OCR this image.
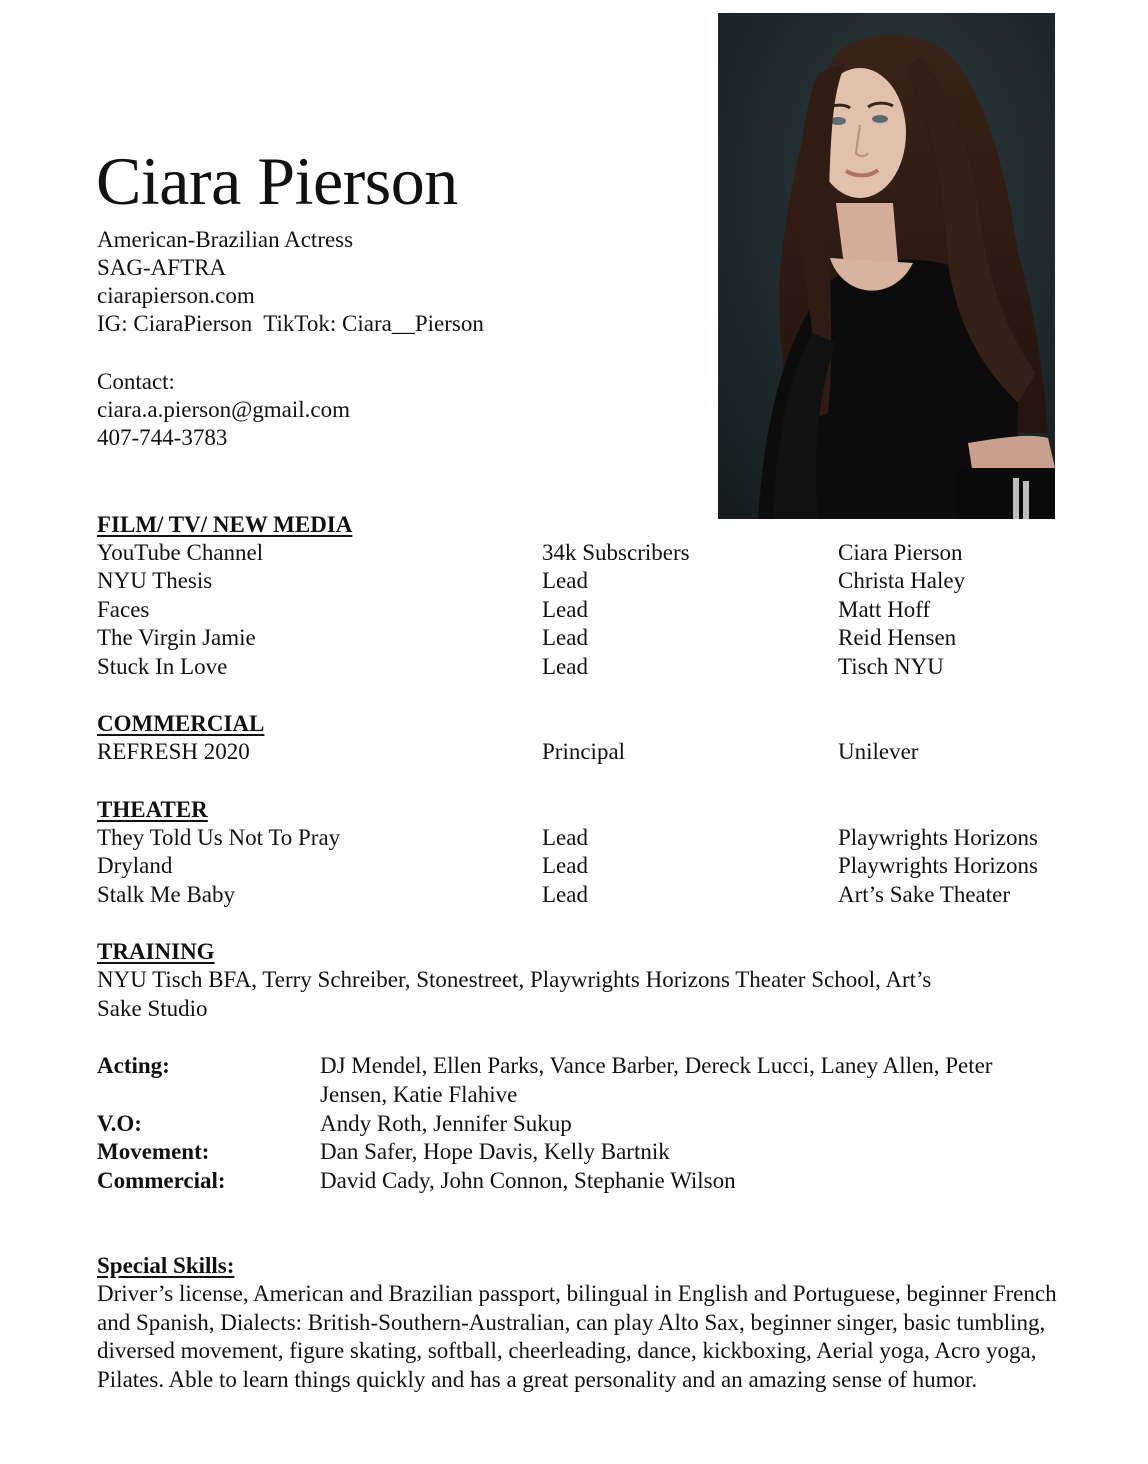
Ciara Pierson
American-Brazilian Actress
SAG-AFTRA
ciarapierson.com
IG: CiaraPierson  TikTok: Ciara__Pierson
Contact:
ciara.a.pierson@gmail.com
407-744-3783
FILM/ TV/ NEW MEDIA
YouTube Channel	34k Subscribers	Ciara Pierson
NYU Thesis	Lead	Christa Haley
Faces	Lead	Matt Hoff
The Virgin Jamie	Lead	Reid Hensen
Stuck In Love	Lead	Tisch NYU
COMMERCIAL
REFRESH 2020	Principal	Unilever
THEATER
They Told Us Not To Pray	Lead	Playwrights Horizons
Dryland	Lead	Playwrights Horizons
Stalk Me Baby	Lead	Art’s Sake Theater
TRAINING
NYU Tisch BFA, Terry Schreiber, Stonestreet, Playwrights Horizons Theater School, Art’s Sake Studio
Acting:	DJ Mendel, Ellen Parks, Vance Barber, Dereck Lucci, Laney Allen, Peter Jensen, Katie Flahive
V.O:	Andy Roth, Jennifer Sukup
Movement:	Dan Safer, Hope Davis, Kelly Bartnik
Commercial:	David Cady, John Connon, Stephanie Wilson
Special Skills:
Driver’s license, American and Brazilian passport, bilingual in English and Portuguese, beginner French and Spanish, Dialects: British-Southern-Australian, can play Alto Sax, beginner singer, basic tumbling, diversed movement, figure skating, softball, cheerleading, dance, kickboxing, Aerial yoga, Acro yoga, Pilates. Able to learn things quickly and has a great personality and an amazing sense of humor.
